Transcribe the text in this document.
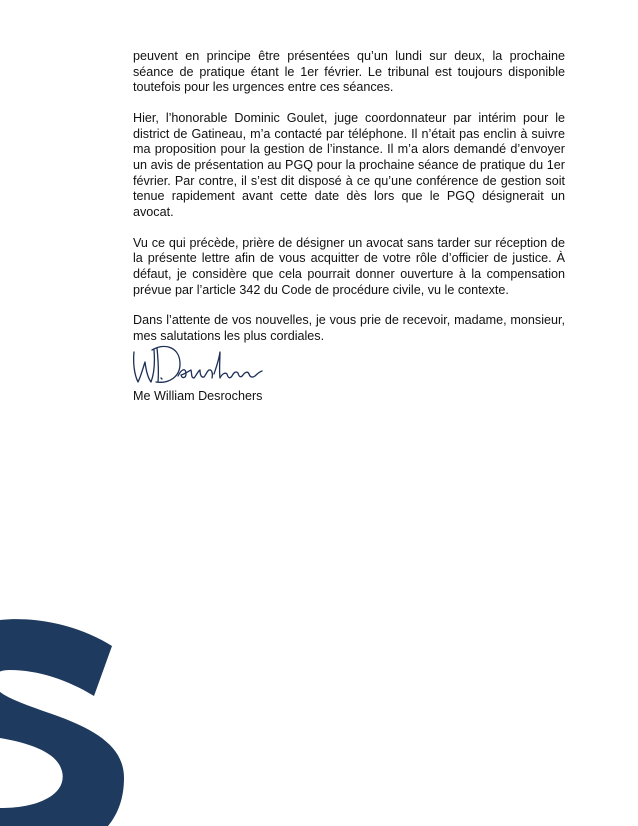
peuvent en principe être présentées qu’un lundi sur deux, la prochaine séance de pratique étant le 1er février. Le tribunal est toujours disponible toutefois pour les urgences entre ces séances.

Hier, l’honorable Dominic Goulet, juge coordonnateur par intérim pour le district de Gatineau, m’a contacté par téléphone. Il n’était pas enclin à suivre ma proposition pour la gestion de l’instance. Il m’a alors demandé d’envoyer un avis de présentation au PGQ pour la prochaine séance de pratique du 1er février. Par contre, il s’est dit disposé à ce qu’une conférence de gestion soit tenue rapidement avant cette date dès lors que le PGQ désignerait un avocat.

Vu ce qui précède, prière de désigner un avocat sans tarder sur réception de la présente lettre afin de vous acquitter de votre rôle d’officier de justice. À défaut, je considère que cela pourrait donner ouverture à la compensation prévue par l’article 342 du Code de procédure civile, vu le contexte.

Dans l’attente de vos nouvelles, je vous prie de recevoir, madame, monsieur, mes salutations les plus cordiales.

Me William Desrochers
